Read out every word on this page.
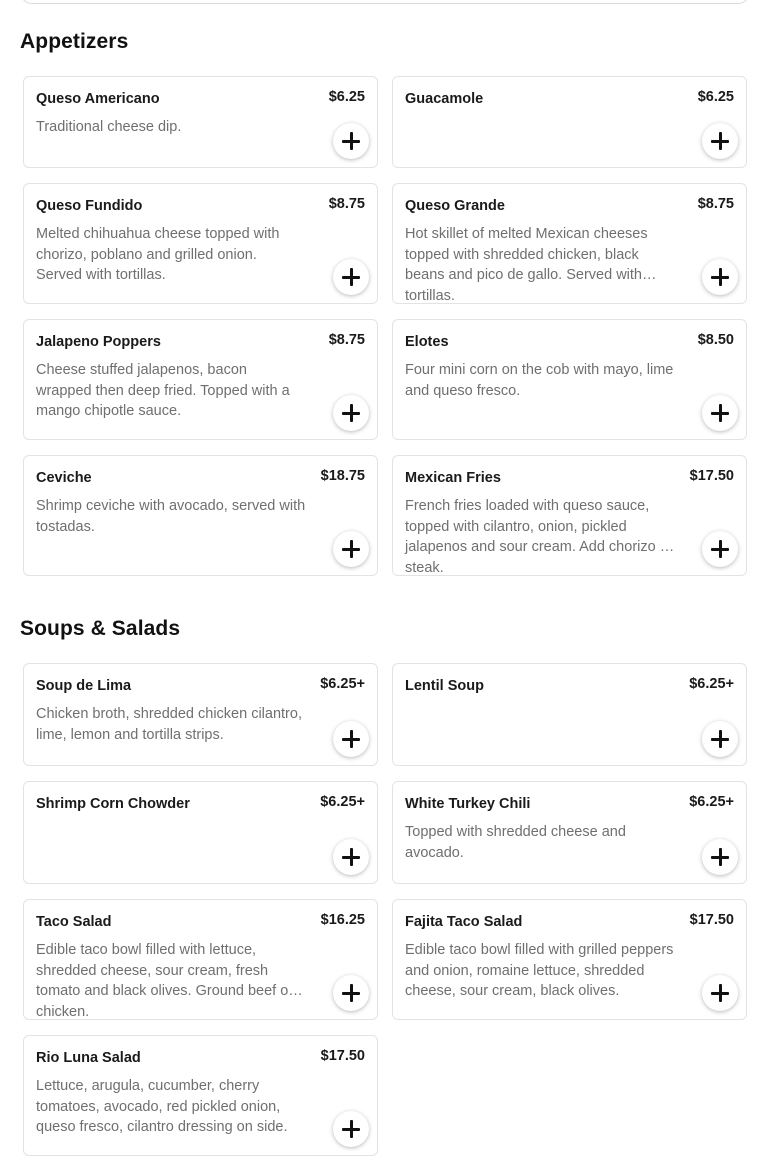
Appetizers
Queso Americano	$6.25
Traditional cheese dip.
Guacamole	$6.25
Queso Fundido	$8.75
Melted chihuahua cheese topped with chorizo, poblano and grilled onion. Served with tortillas.
Queso Grande	$8.75
Hot skillet of melted Mexican cheeses topped with shredded chicken, black beans and pico de gallo. Served with tortillas.
Jalapeno Poppers	$8.75
Cheese stuffed jalapenos, bacon wrapped then deep fried. Topped with a mango chipotle sauce.
Elotes	$8.50
Four mini corn on the cob with mayo, lime and queso fresco.
Ceviche	$18.75
Shrimp ceviche with avocado, served with tostadas.
Mexican Fries	$17.50
French fries loaded with queso sauce, topped with cilantro, onion, pickled jalapenos and sour cream. Add chorizo or steak.
Soups & Salads
Soup de Lima	$6.25+
Chicken broth, shredded chicken cilantro, lime, lemon and tortilla strips.
Lentil Soup	$6.25+
Shrimp Corn Chowder	$6.25+	White Turkey Chili	$6.25+
Topped with shredded cheese and avocado.
Taco Salad	$16.25
Edible taco bowl filled with lettuce, shredded cheese, sour cream, fresh tomato and black olives. Ground beef or chicken.
Fajita Taco Salad	$17.50
Edible taco bowl filled with grilled peppers and onion, romaine lettuce, shredded cheese, sour cream, black olives.
Rio Luna Salad	$17.50
Lettuce, arugula, cucumber, cherry tomatoes, avocado, red pickled onion, queso fresco, cilantro dressing on side.
